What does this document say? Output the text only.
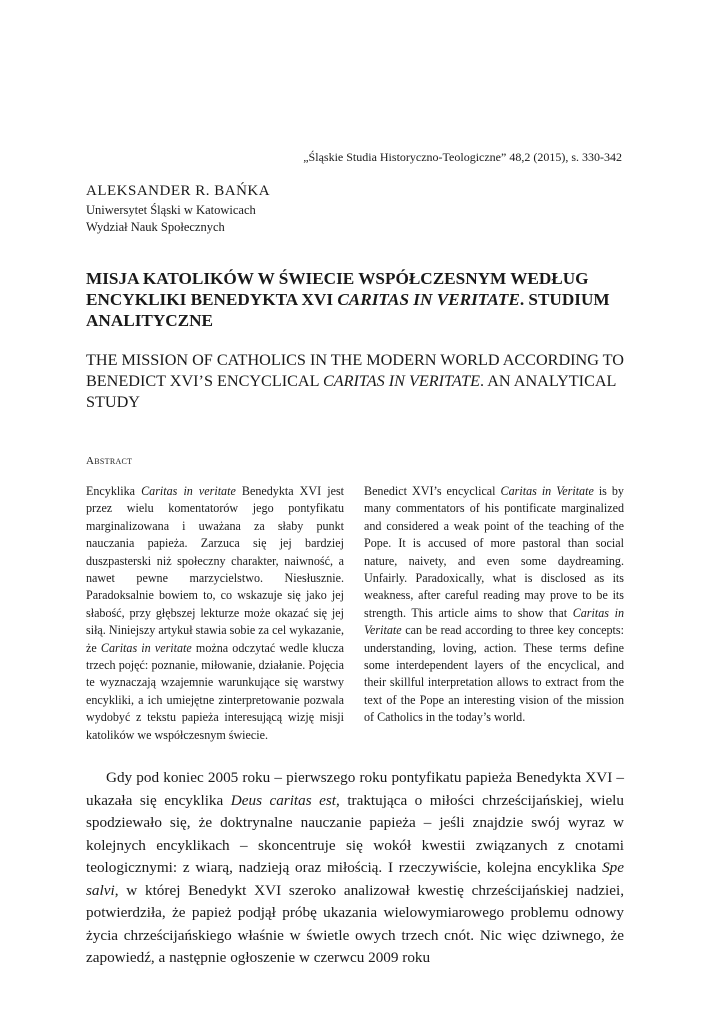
„Śląskie Studia Historyczno-Teologiczne” 48,2 (2015), s. 330-342
ALEKSANDER R. BAŃKA
Uniwersytet Śląski w Katowicach
Wydział Nauk Społecznych
MISJA KATOLIKÓW W ŚWIECIE WSPÓŁCZESNYM WEDŁUG ENCYKLIKI BENEDYKTA XVI CARITAS IN VERITATE. STUDIUM ANALITYCZNE
THE MISSION OF CATHOLICS IN THE MODERN WORLD ACCORDING TO BENEDICT XVI’S ENCYCLICAL CARITAS IN VERITATE. AN ANALYTICAL STUDY
Abstract

Encyklika Caritas in veritate Benedykta XVI jest przez wielu komentatorów jego pontyfikatu marginalizowana i uważana za słaby punkt nauczania papieża. Zarzuca się jej bardziej duszpasterski niż społeczny charakter, naiwność, a nawet pewne marzycielstwo. Niesłusznie. Paradoksalnie bowiem to, co wskazuje się jako jej słabość, przy głębszej lekturze może okazać się jej siłą. Niniejszy artykuł stawia sobie za cel wykazanie, że Caritas in veritate można odczytać wedle klucza trzech pojęć: poznanie, miłowanie, działanie. Pojęcia te wyznaczają wzajemnie warunkujące się warstwy encykliki, a ich umiejętne zinterpretowanie pozwala wydobyć z tekstu papieża interesującą wizję misji katolików we współczesnym świecie.

Benedict XVI’s encyclical Caritas in Veritate is by many commentators of his pontificate marginalized and considered a weak point of the teaching of the Pope. It is accused of more pastoral than social nature, naivety, and even some daydreaming. Unfairly. Paradoxically, what is disclosed as its weakness, after careful reading may prove to be its strength. This article aims to show that Caritas in Veritate can be read according to three key concepts: understanding, loving, action. These terms define some interdependent layers of the encyclical, and their skillful interpretation allows to extract from the text of the Pope an interesting vision of the mission of Catholics in the today’s world.

Gdy pod koniec 2005 roku – pierwszego roku pontyfikatu papieża Benedykta XVI – ukazała się encyklika Deus caritas est, traktująca o miłości chrześcijańskiej, wielu spodziewało się, że doktrynalne nauczanie papieża – jeśli znajdzie swój wyraz w kolejnych encyklikach – skoncentruje się wokół kwestii związanych z cnotami teologicznymi: z wiarą, nadzieją oraz miłością. I rzeczywiście, kolejna encyklika Spe salvi, w której Benedykt XVI szeroko analizował kwestię chrześcijańskiej nadziei, potwierdziła, że papież podjął próbę ukazania wielowymiarowego problemu odnowy życia chrześcijańskiego właśnie w świetle owych trzech cnót. Nic więc dziwnego, że zapowiedź, a następnie ogłoszenie w czerwcu 2009 roku
